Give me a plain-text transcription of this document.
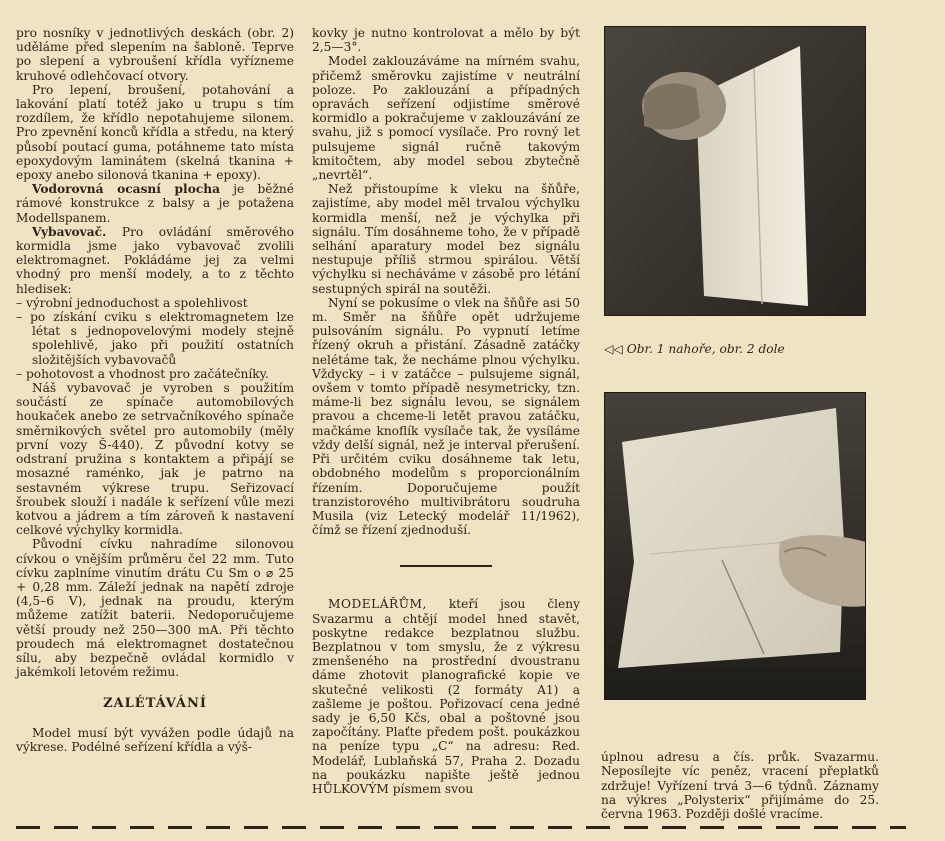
pro nosníky v jednotlivých deskách (obr. 2) uděláme před slepením na šabloně. Teprve po slepení a vybroušení křídla vyřízneme kruhové odlehčovací otvory.

Pro lepení, broušení, potahování a lakování platí totéž jako u trupu s tím rozdílem, že křídlo nepotahujeme silonem. Pro zpevnění konců křídla a středu, na který působí poutací guma, potáhneme tato místa epoxydovým laminátem (skelná tkanina + epoxy anebo silonová tkanina + epoxy).

Vodorovná ocasní plocha je běžné rámové konstrukce z balsy a je potažena Modellspanem.

Vybavovač. Pro ovládání směrového kormidla jsme jako vybavovač zvolili elektromagnet. Pokládáme jej za velmi vhodný pro menší modely, a to z těchto hledisek:

– výrobní jednoduchost a spolehlivost
– po získání cviku s elektromagnetem lze létat s jednopovelovými modely stejně spolehlivě, jako při použití ostatních složitějších vybavovačů
– pohotovost a vhodnost pro začátečníky.

Náš vybavovač je vyroben s použitím součástí ze spínače automobilových houkaček anebo ze setrvačníkového spínače směrnikových světel pro automobily (měly první vozy Š-440). Z původní kotvy se odstraní pružina s kontaktem a připájí se mosazné raménko, jak je patrno na sestavném výkrese trupu. Seřizovací šroubek slouží i nadále k seřízení vůle mezi kotvou a jádrem a tím zároveň k nastavení celkové výchylky kormidla.

Původní cívku nahradíme silonovou cívkou o vnějším průměru čel 22 mm. Tuto cívku zaplníme vinutím drátu Cu Sm o ⌀ 25 + 0,28 mm. Záleží jednak na napětí zdroje (4,5–6 V), jednak na proudu, kterým můžeme zatížit baterii. Nedoporučujeme větší proudy než 250—300 mA. Při těchto proudech má elektromagnet dostatečnou sílu, aby bezpečně ovládal kormidlo v jakémkoli letovém režimu.

ZALÉTÁVÁNÍ

Model musí být vyvážen podle údajů na výkrese. Podélné seřízení křídla a výš-

kovky je nutno kontrolovat a mělo by být 2,5—3°.

Model zaklouzáváme na mírném svahu, přičemž směrovku zajistíme v neutrální poloze. Po zaklouzání a případných opravách seřízení odjistíme směrové kormidlo a pokračujeme v zaklouzávání ze svahu, již s pomocí vysílače. Pro rovný let pulsujeme signál ručně takovým kmitočtem, aby model sebou zbytečně „nevrtěl“.

Než přistoupíme k vleku na šňůře, zajistíme, aby model měl trvalou výchylku kormidla menší, než je výchylka při signálu. Tím dosáhneme toho, že v případě selhání aparatury model bez signálu nestupuje příliš strmou spirálou. Větší výchylku si necháváme v zásobě pro létání sestupných spirál na soutěži.

Nyní se pokusíme o vlek na šňůře asi 50 m. Směr na šňůře opět udržujeme pulsováním signálu. Po vypnutí letíme řízený okruh a přistání. Zásadně zatáčky nelétáme tak, že necháme plnou výchylku. Vždycky – i v zatáčce – pulsujeme signál, ovšem v tomto případě nesymetricky, tzn. máme-li bez signálu levou, se signálem pravou a chceme-li letět pravou zatáčku, mačkáme knoflík vysílače tak, že vysíláme vždy delší signál, než je interval přerušení. Při určitém cviku dosáhneme tak letu, obdobného modelům s proporcionálním řízením. Doporučujeme použít tranzistorového multivibrátoru soudruha Musila (viz Letecký modelář 11/1962), čímž se řízení zjednoduší.

MODELÁŘŮM, kteří jsou členy Svazarmu a chtějí model hned stavět, poskytne redakce bezplatnou službu. Bezplatnou v tom smyslu, že z výkresu zmenšeného na prostřední dvoustranu dáme zhotovit planografické kopie ve skutečné velikosti (2 formáty A1) a zašleme je poštou. Pořizovací cena jedné sady je 6,50 Kčs, obal a poštovné jsou započítány. Plaťte předem pošt. poukázkou na peníze typu „C“ na adresu: Red. Modelář, Lublaňská 57, Praha 2. Dozadu na poukázku napište ještě jednou HŮLKOVÝM písmem svou

◁◁ Obr. 1 nahoře, obr. 2 dole

úplnou adresu a čís. průk. Svazarmu. Neposílejte víc peněz, vracení přeplatků zdržuje! Vyřízení trvá 3—6 týdnů. Záznamy na výkres „Polysterix“ přijímáme do 25. června 1963. Později došlé vracíme.
